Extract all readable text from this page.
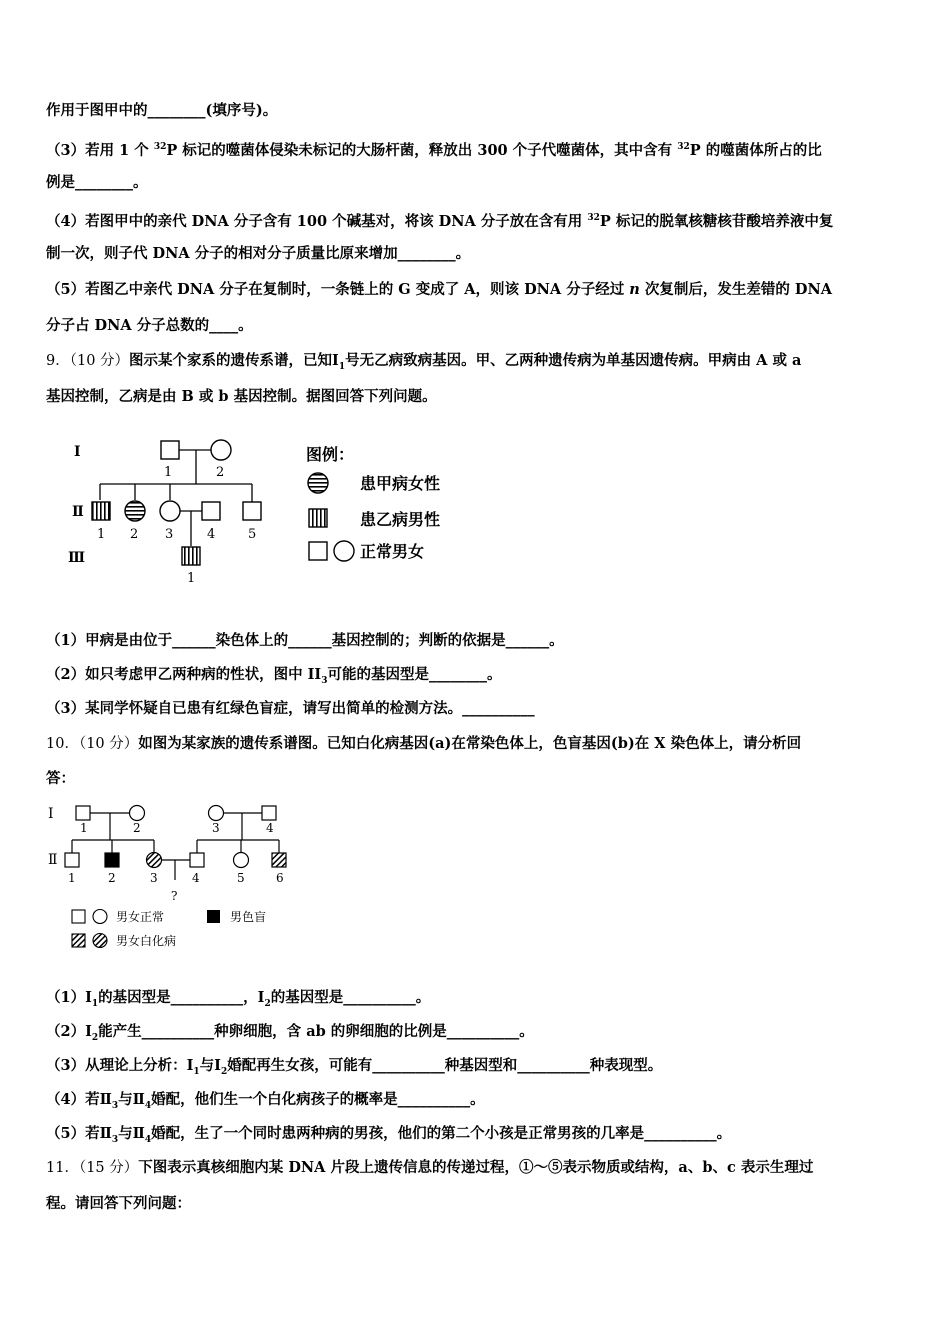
作用于图甲中的________(填序号)。
（3）若用 1 个 $^{32}$P 标记的噬菌体侵染未标记的大肠杆菌，释放出 300 个子代噬菌体，其中含有 $^{32}$P 的噬菌体所占的比
例是________。
（4）若图甲中的亲代 DNA 分子含有 100 个碱基对，将该 DNA 分子放在含有用 $^{32}$P 标记的脱氧核糖核苷酸培养液中复
制一次，则子代 DNA 分子的相对分子质量比原来增加________。
（5）若图乙中亲代 DNA 分子在复制时，一条链上的 G 变成了 A，则该 DNA 分子经过 n 次复制后，发生差错的 DNA
分子占 DNA 分子总数的____。
9．（10 分）图示某个家系的遗传系谱，已知$Ⅰ_1$号无乙病致病基因。甲、乙两种遗传病为单基因遗传病。甲病由 A 或 a
基因控制，乙病是由 B 或 b 基因控制。据图回答下列问题。
Ⅰ
Ⅱ
Ⅲ
1	2
1 2 3	4	5
1
图例：
患甲病女性
患乙病男性
正常男女
（1）甲病是由位于______染色体上的______基因控制的；判断的依据是______。
（2）如只考虑甲乙两种病的性状，图中 $II_3$可能的基因型是________。
（3）某同学怀疑自已患有红绿色盲症，请写出简单的检测方法。__________
10．（10 分）如图为某家族的遗传系谱图。已知白化病基因(a)在常染色体上，色盲基因(b)在 X 染色体上，请分析回
答：
Ⅰ
Ⅱ
1	2	3	4
1	2	3	4	5	6
?
男女正常	男色盲
男女白化病
$(1)Ⅰ_1$的基因型是__________，$Ⅰ_2$的基因型是__________。
$(2)Ⅰ_2$能产生__________种卵细胞，含 ab 的卵细胞的比例是__________。
（3）从理论上分析：$Ⅰ_1$与$Ⅰ_2$婚配再生女孩，可能有__________种基因型和__________种表现型。
（4）若$Ⅱ_3$与$Ⅱ_4$婚配，他们生一个白化病孩子的概率是__________。
（5）若$Ⅱ_3$与$Ⅱ_4$婚配，生了一个同时患两种病的男孩，他们的第二个小孩是正常男孩的几率是__________。
11．（15 分）下图表示真核细胞内某 DNA 片段上遗传信息的传递过程，①～⑤表示物质或结构，a、b、c 表示生理过
程。请回答下列问题：
